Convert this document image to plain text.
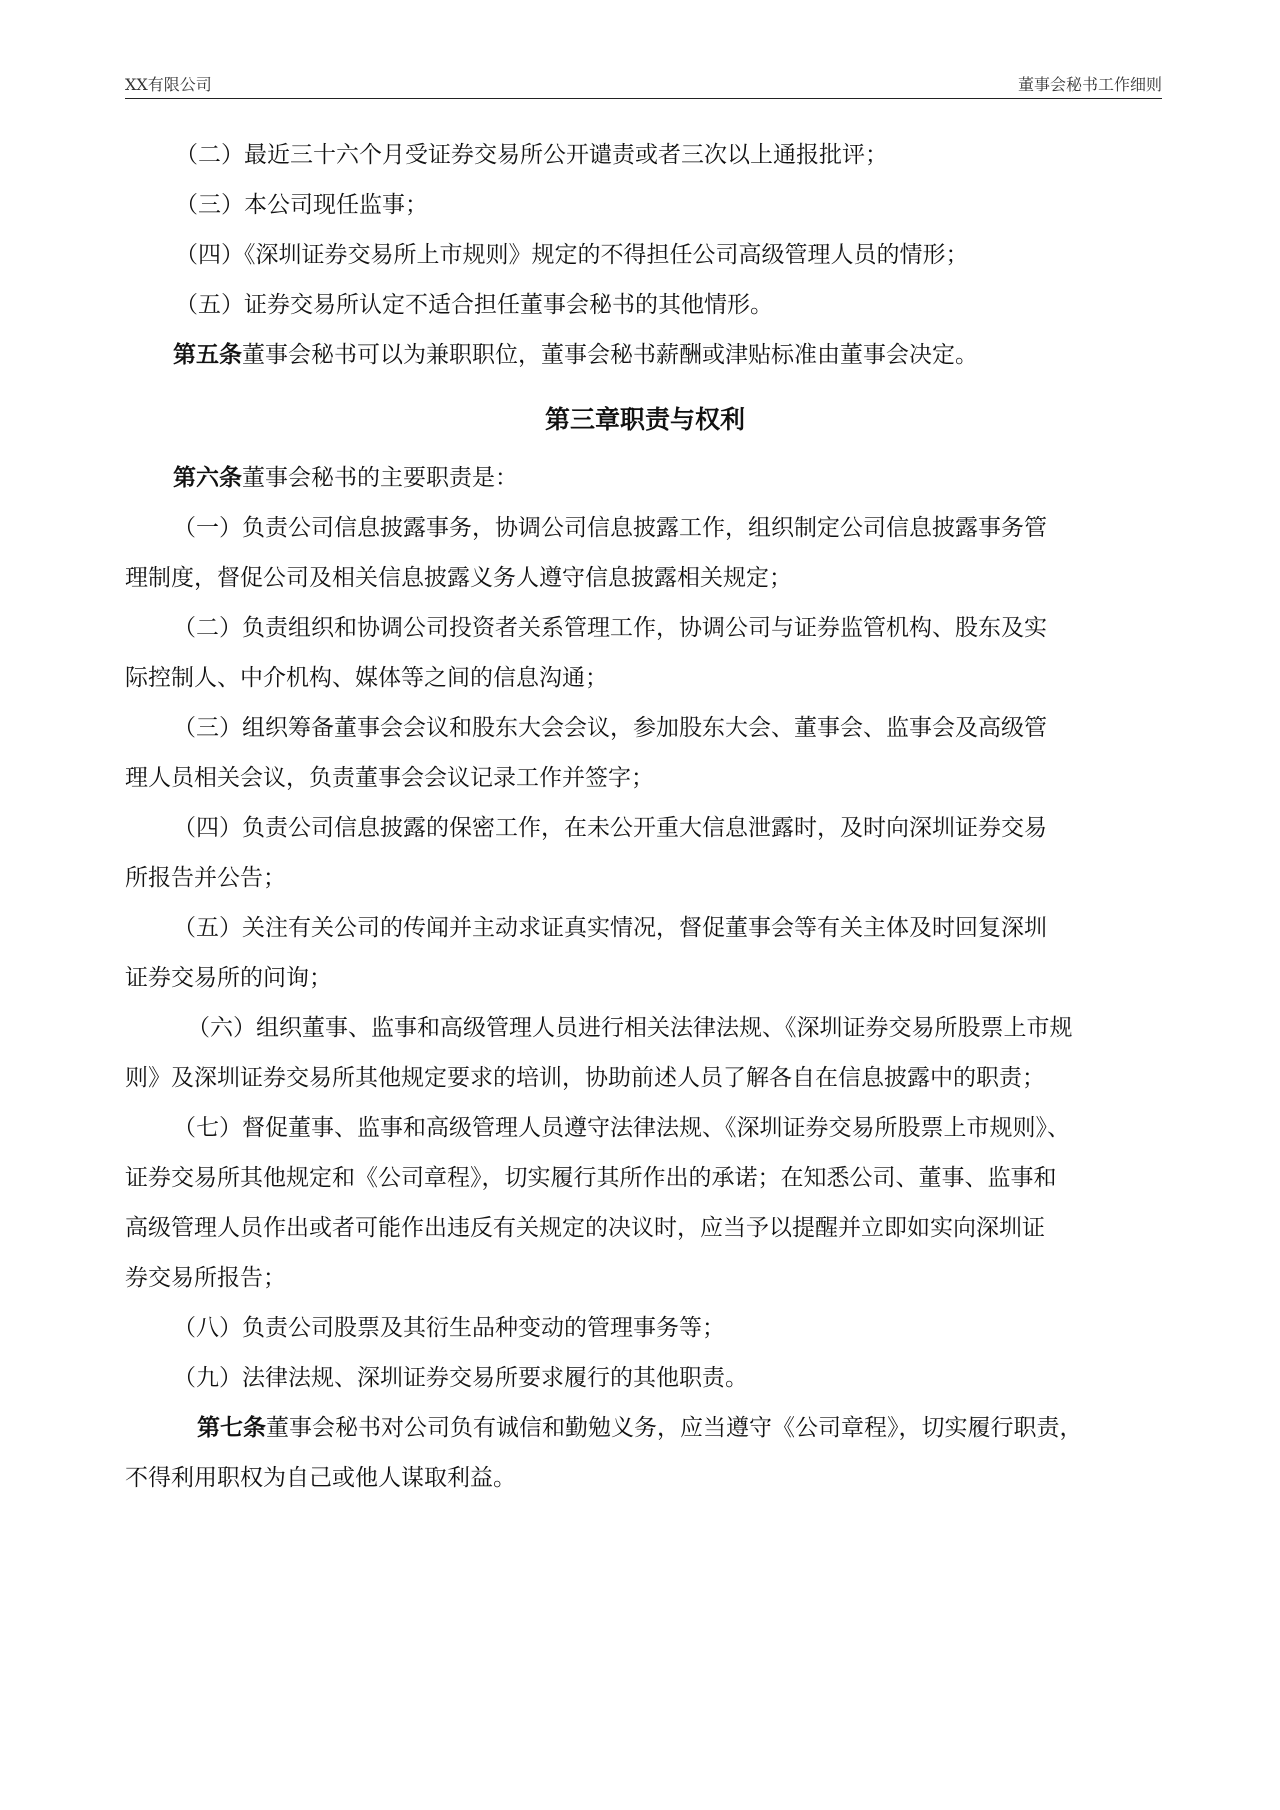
XX有限公司	董事会秘书工作细则

（二）最近三十六个月受证券交易所公开谴责或者三次以上通报批评；

（三）本公司现任监事；

（四）《深圳证券交易所上市规则》规定的不得担任公司高级管理人员的情形；

（五）证券交易所认定不适合担任董事会秘书的其他情形。

第五条董事会秘书可以为兼职职位，董事会秘书薪酬或津贴标准由董事会决定。

第三章职责与权利

第六条董事会秘书的主要职责是：

（一）负责公司信息披露事务，协调公司信息披露工作，组织制定公司信息披露事务管
理制度，督促公司及相关信息披露义务人遵守信息披露相关规定；
（二）负责组织和协调公司投资者关系管理工作，协调公司与证券监管机构、股东及实
际控制人、中介机构、媒体等之间的信息沟通；
（三）组织筹备董事会会议和股东大会会议，参加股东大会、董事会、监事会及高级管
理人员相关会议，负责董事会会议记录工作并签字；
（四）负责公司信息披露的保密工作，在未公开重大信息泄露时，及时向深圳证券交易
所报告并公告；
（五）关注有关公司的传闻并主动求证真实情况，督促董事会等有关主体及时回复深圳
证券交易所的问询；
（六）组织董事、监事和高级管理人员进行相关法律法规、《深圳证券交易所股票上市规
则》及深圳证券交易所其他规定要求的培训，协助前述人员了解各自在信息披露中的职责；
（七）督促董事、监事和高级管理人员遵守法律法规、《深圳证券交易所股票上市规则》、
证券交易所其他规定和《公司章程》，切实履行其所作出的承诺；在知悉公司、董事、监事和
高级管理人员作出或者可能作出违反有关规定的决议时，应当予以提醒并立即如实向深圳证
券交易所报告；

（八）负责公司股票及其衍生品种变动的管理事务等；

（九）法律法规、深圳证券交易所要求履行的其他职责。

第七条董事会秘书对公司负有诚信和勤勉义务，应当遵守《公司章程》，切实履行职责，
不得利用职权为自己或他人谋取利益。
